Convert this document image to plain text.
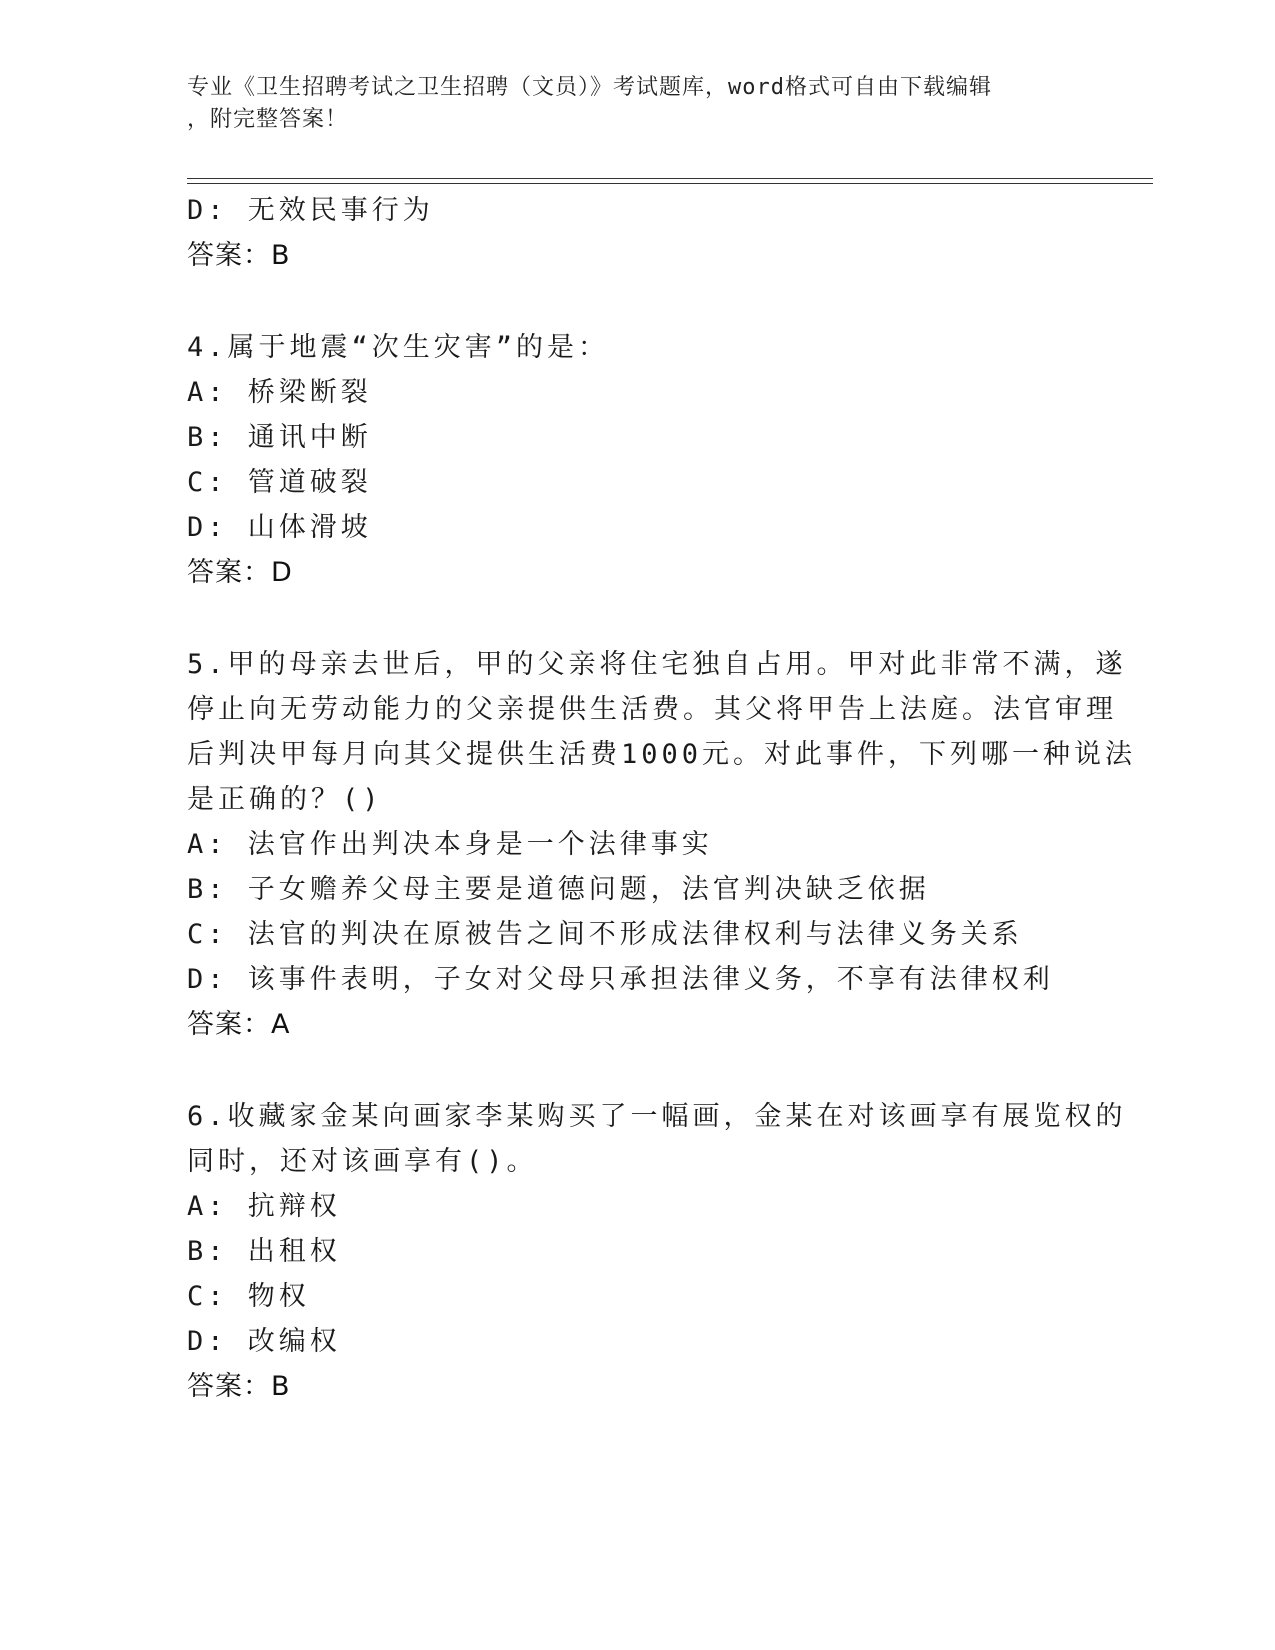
专业《卫生招聘考试之卫生招聘（文员）》考试题库，word格式可自由下载编辑
，附完整答案！
D: 无效民事行为
答案：B
4.属于地震“次生灾害”的是：
A: 桥梁断裂
B: 通讯中断
C: 管道破裂
D: 山体滑坡
答案：D
5.甲的母亲去世后，甲的父亲将住宅独自占用。甲对此非常不满，遂
停止向无劳动能力的父亲提供生活费。其父将甲告上法庭。法官审理
后判决甲每月向其父提供生活费1000元。对此事件，下列哪一种说法
是正确的？()
A: 法官作出判决本身是一个法律事实
B: 子女赡养父母主要是道德问题，法官判决缺乏依据
C: 法官的判决在原被告之间不形成法律权利与法律义务关系
D: 该事件表明，子女对父母只承担法律义务，不享有法律权利
答案：A
6.收藏家金某向画家李某购买了一幅画，金某在对该画享有展览权的
同时，还对该画享有()。
A: 抗辩权
B: 出租权
C: 物权
D: 改编权
答案：B
